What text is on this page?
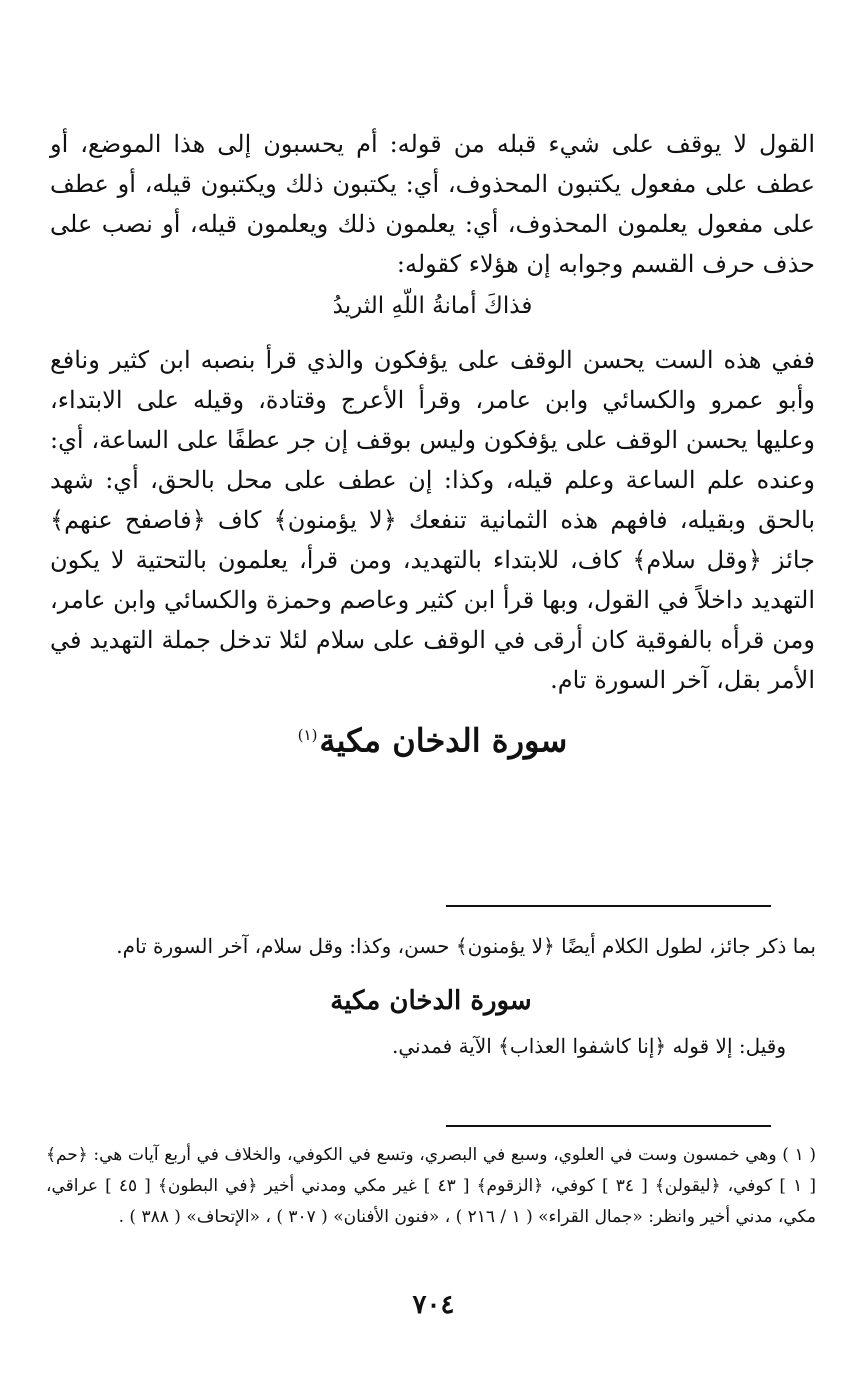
القول لا يوقف على شيء قبله من قوله: أم يحسبون إلى هذا الموضع، أو عطف على مفعول يكتبون المحذوف، أي: يكتبون ذلك ويكتبون قيله، أو عطف على مفعول يعلمون المحذوف، أي: يعلمون ذلك ويعلمون قيله، أو نصب على حذف حرف القسم وجوابه إن هؤلاء كقوله:

فذاكَ أمانةُ اللّهِ الثريدُ

ففي هذه الست يحسن الوقف على يؤفكون والذي قرأ بنصبه ابن كثير ونافع وأبو عمرو والكسائي وابن عامر، وقرأ الأعرج وقتادة، وقيله على الابتداء، وعليها يحسن الوقف على يؤفكون وليس بوقف إن جر عطفًا على الساعة، أي: وعنده علم الساعة وعلم قيله، وكذا: إن عطف على محل بالحق، أي: شهد بالحق وبقيله، فافهم هذه الثمانية تنفعك ﴿لا يؤمنون﴾ كاف ﴿فاصفح عنهم﴾ جائز ﴿وقل سلام﴾ كاف، للابتداء بالتهديد، ومن قرأ، يعلمون بالتحتية لا يكون التهديد داخلاً في القول، وبها قرأ ابن كثير وعاصم وحمزة والكسائي وابن عامر، ومن قرأه بالفوقية كان أرقى في الوقف على سلام لئلا تدخل جملة التهديد في الأمر بقل، آخر السورة تام.

سورة الدخان مكية$^{(١)}$

بما ذكر جائز، لطول الكلام أيضًا ﴿لا يؤمنون﴾ حسن، وكذا: وقل سلام، آخر السورة تام.

سورة الدخان مكية

وقيل: إلا قوله ﴿إنا كاشفوا العذاب﴾ الآية فمدني.

( ١ ) وهي خمسون وست في العلوي، وسبع في البصري، وتسع في الكوفي، والخلاف في أربع آيات هي: ﴿حم﴾ [ ١ ] كوفي، ﴿ليقولن﴾ [ ٣٤ ] كوفي، ﴿الزقوم﴾ [ ٤٣ ] غير مكي ومدني أخير ﴿في البطون﴾ [ ٤٥ ] عراقي، مكي، مدني أخير وانظر: «جمال القراء» ( ١ / ٢١٦ ) ، «فنون الأفنان» ( ٣٠٧ ) ، «الإتحاف» ( ٣٨٨ ) .

٧٠٤
